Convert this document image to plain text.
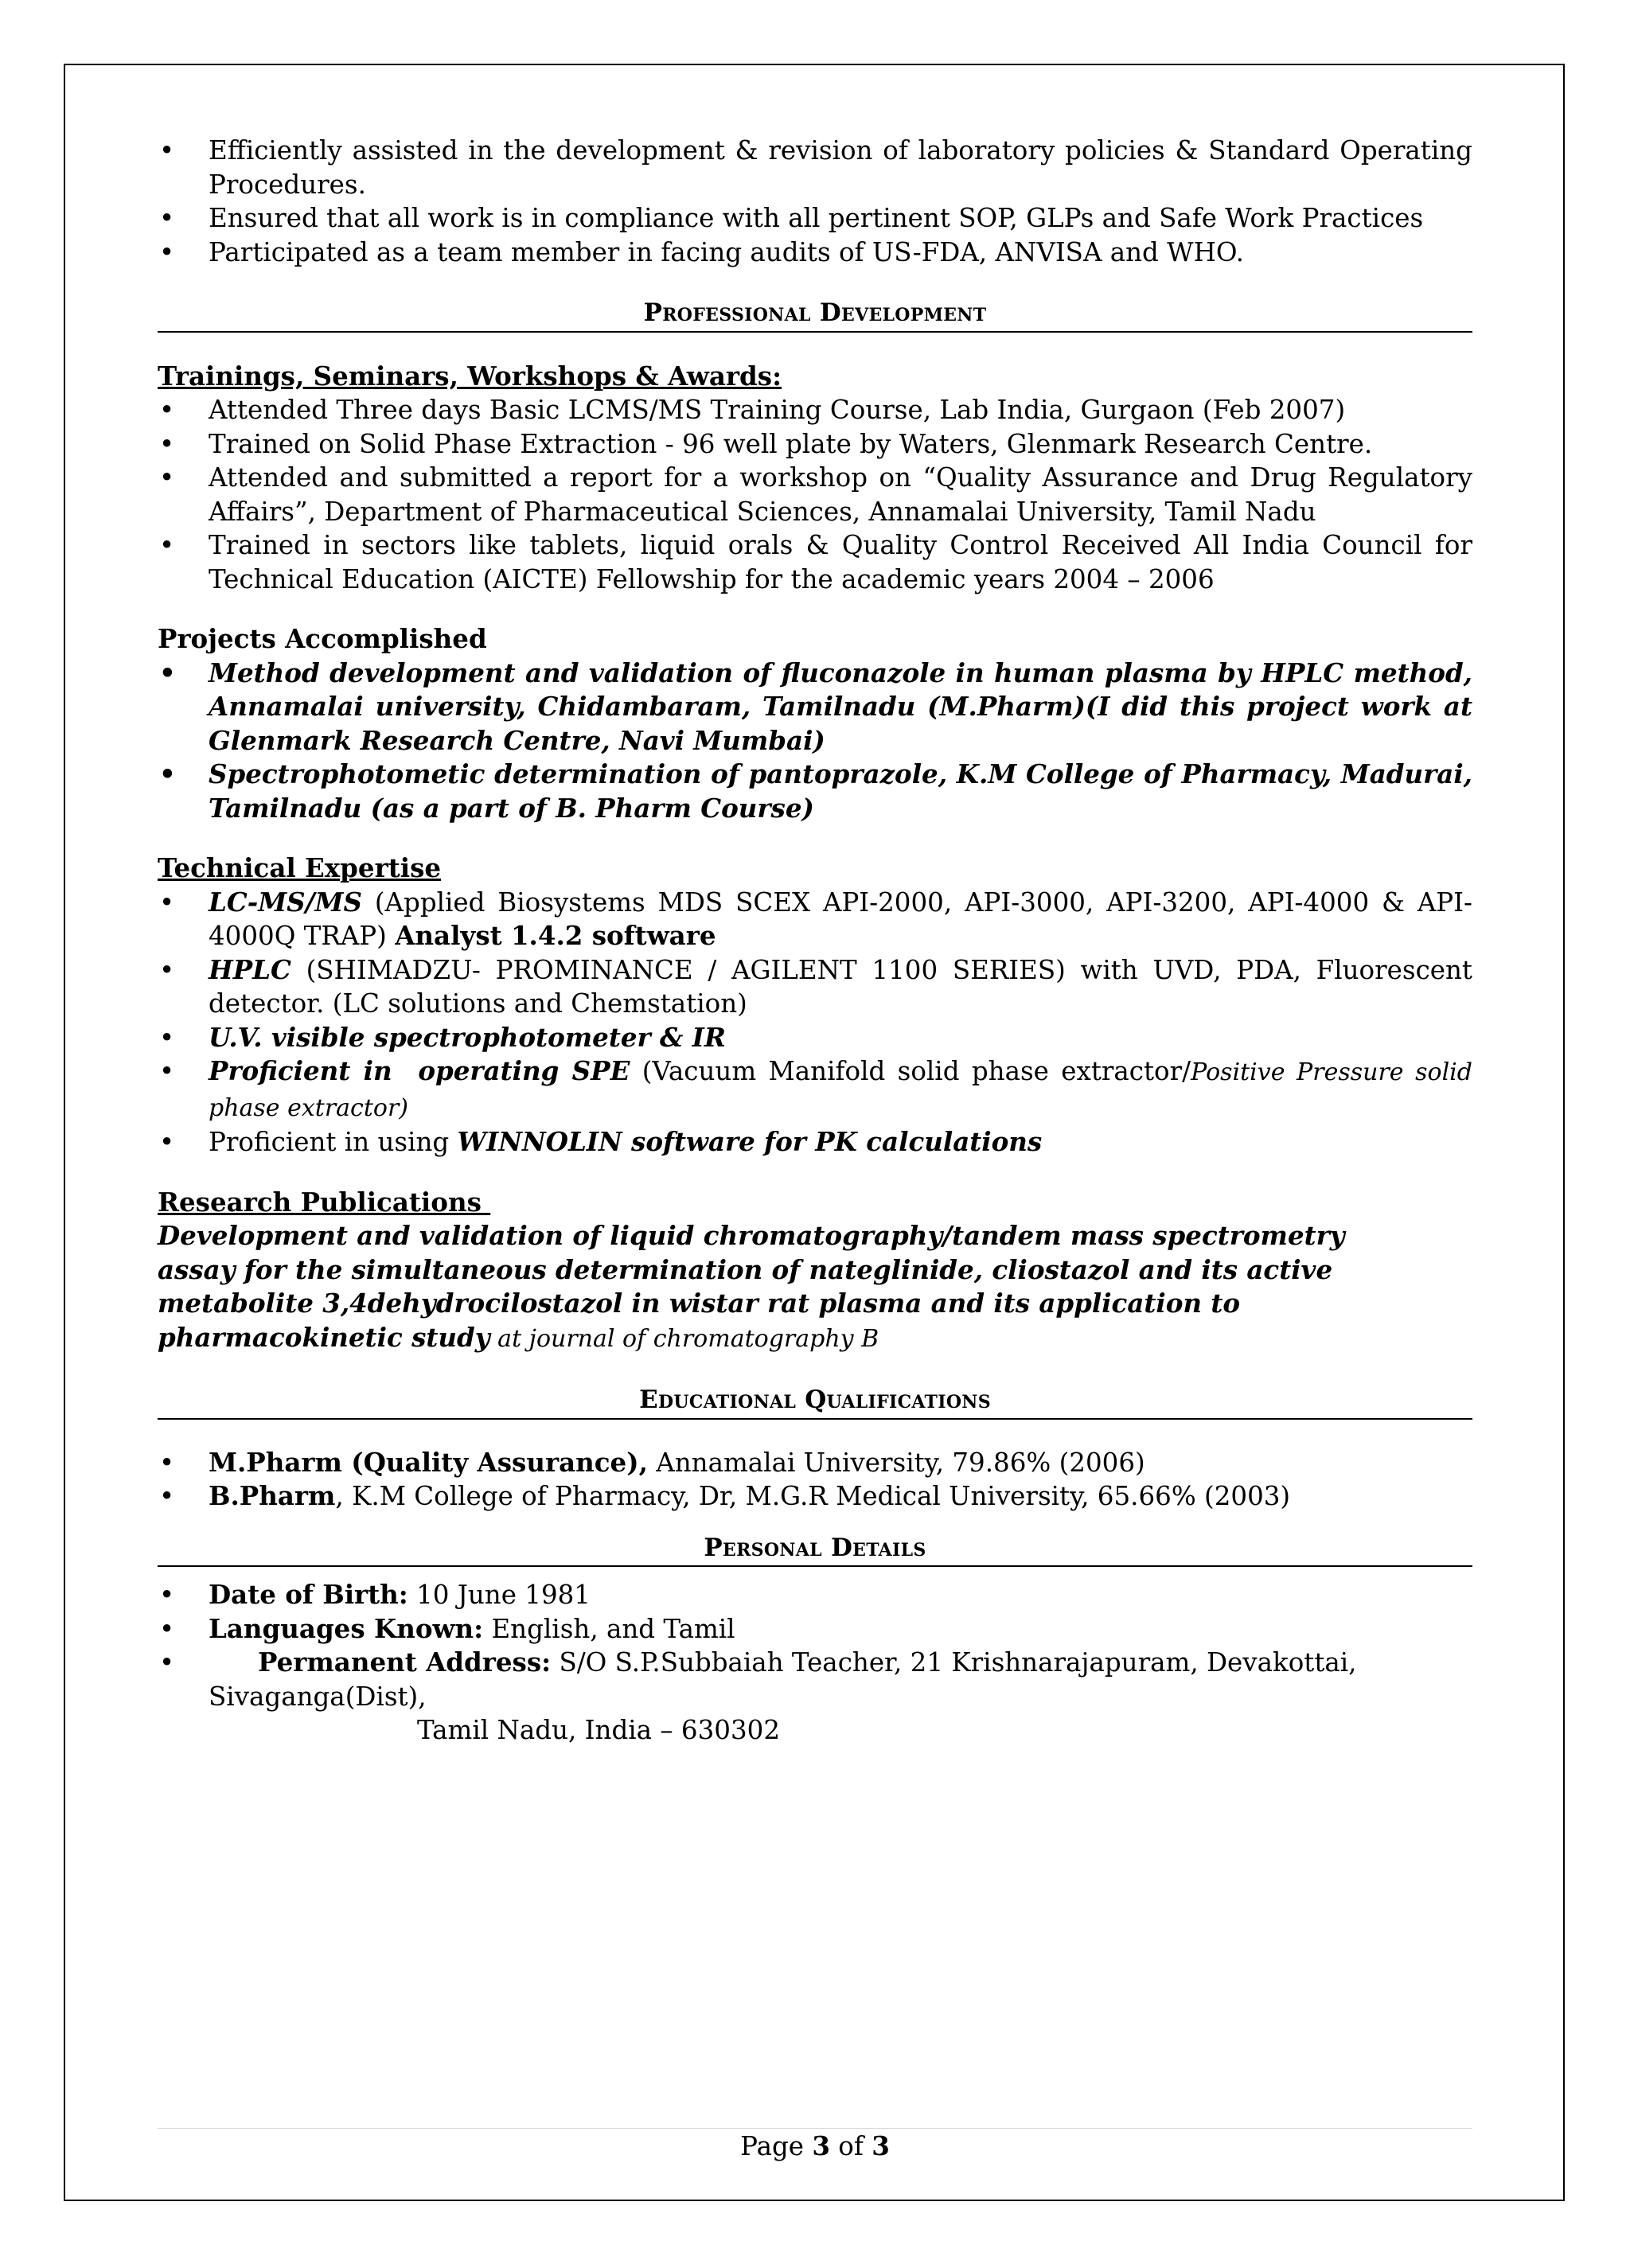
• Efficiently assisted in the development & revision of laboratory policies & Standard Operating Procedures.
• Ensured that all work is in compliance with all pertinent SOP, GLPs and Safe Work Practices
• Participated as a team member in facing audits of US-FDA, ANVISA and WHO.
Professional Development
Trainings, Seminars, Workshops & Awards:
• Attended Three days Basic LCMS/MS Training Course, Lab India, Gurgaon (Feb 2007)
• Trained on Solid Phase Extraction - 96 well plate by Waters, Glenmark Research Centre.
• Attended and submitted a report for a workshop on “Quality Assurance and Drug Regulatory Affairs”, Department of Pharmaceutical Sciences, Annamalai University, Tamil Nadu
• Trained in sectors like tablets, liquid orals & Quality Control Received All India Council for Technical Education (AICTE) Fellowship for the academic years 2004 – 2006
Projects Accomplished
• Method development and validation of fluconazole in human plasma by HPLC method, Annamalai university, Chidambaram, Tamilnadu (M.Pharm)(I did this project work at Glenmark Research Centre, Navi Mumbai)
• Spectrophotometic determination of pantoprazole, K.M College of Pharmacy, Madurai, Tamilnadu (as a part of B. Pharm Course)
Technical Expertise
• LC-MS/MS (Applied Biosystems MDS SCEX API-2000, API-3000, API-3200, API-4000 & API-4000Q TRAP) Analyst 1.4.2 software
• HPLC (SHIMADZU- PROMINANCE / AGILENT 1100 SERIES) with UVD, PDA, Fluorescent detector. (LC solutions and Chemstation)
• U.V. visible spectrophotometer & IR
• Proficient in  operating SPE (Vacuum Manifold solid phase extractor/Positive Pressure solid phase extractor)
• Proficient in using WINNOLIN software for PK calculations
Research Publications
Development and validation of liquid chromatography/tandem mass spectrometry assay for the simultaneous determination of nateglinide, cliostazol and its active metabolite 3,4dehydrocilostazol in wistar rat plasma and its application to pharmacokinetic study at journal of chromatography B
Educational Qualifications
• M.Pharm (Quality Assurance), Annamalai University, 79.86% (2006)
• B.Pharm, K.M College of Pharmacy, Dr, M.G.R Medical University, 65.66% (2003)
Personal Details
• Date of Birth: 10 June 1981
• Languages Known: English, and Tamil
• Permanent Address: S/O S.P.Subbaiah Teacher, 21 Krishnarajapuram, Devakottai, Sivaganga(Dist),
Tamil Nadu, India – 630302
Page 3 of 3
